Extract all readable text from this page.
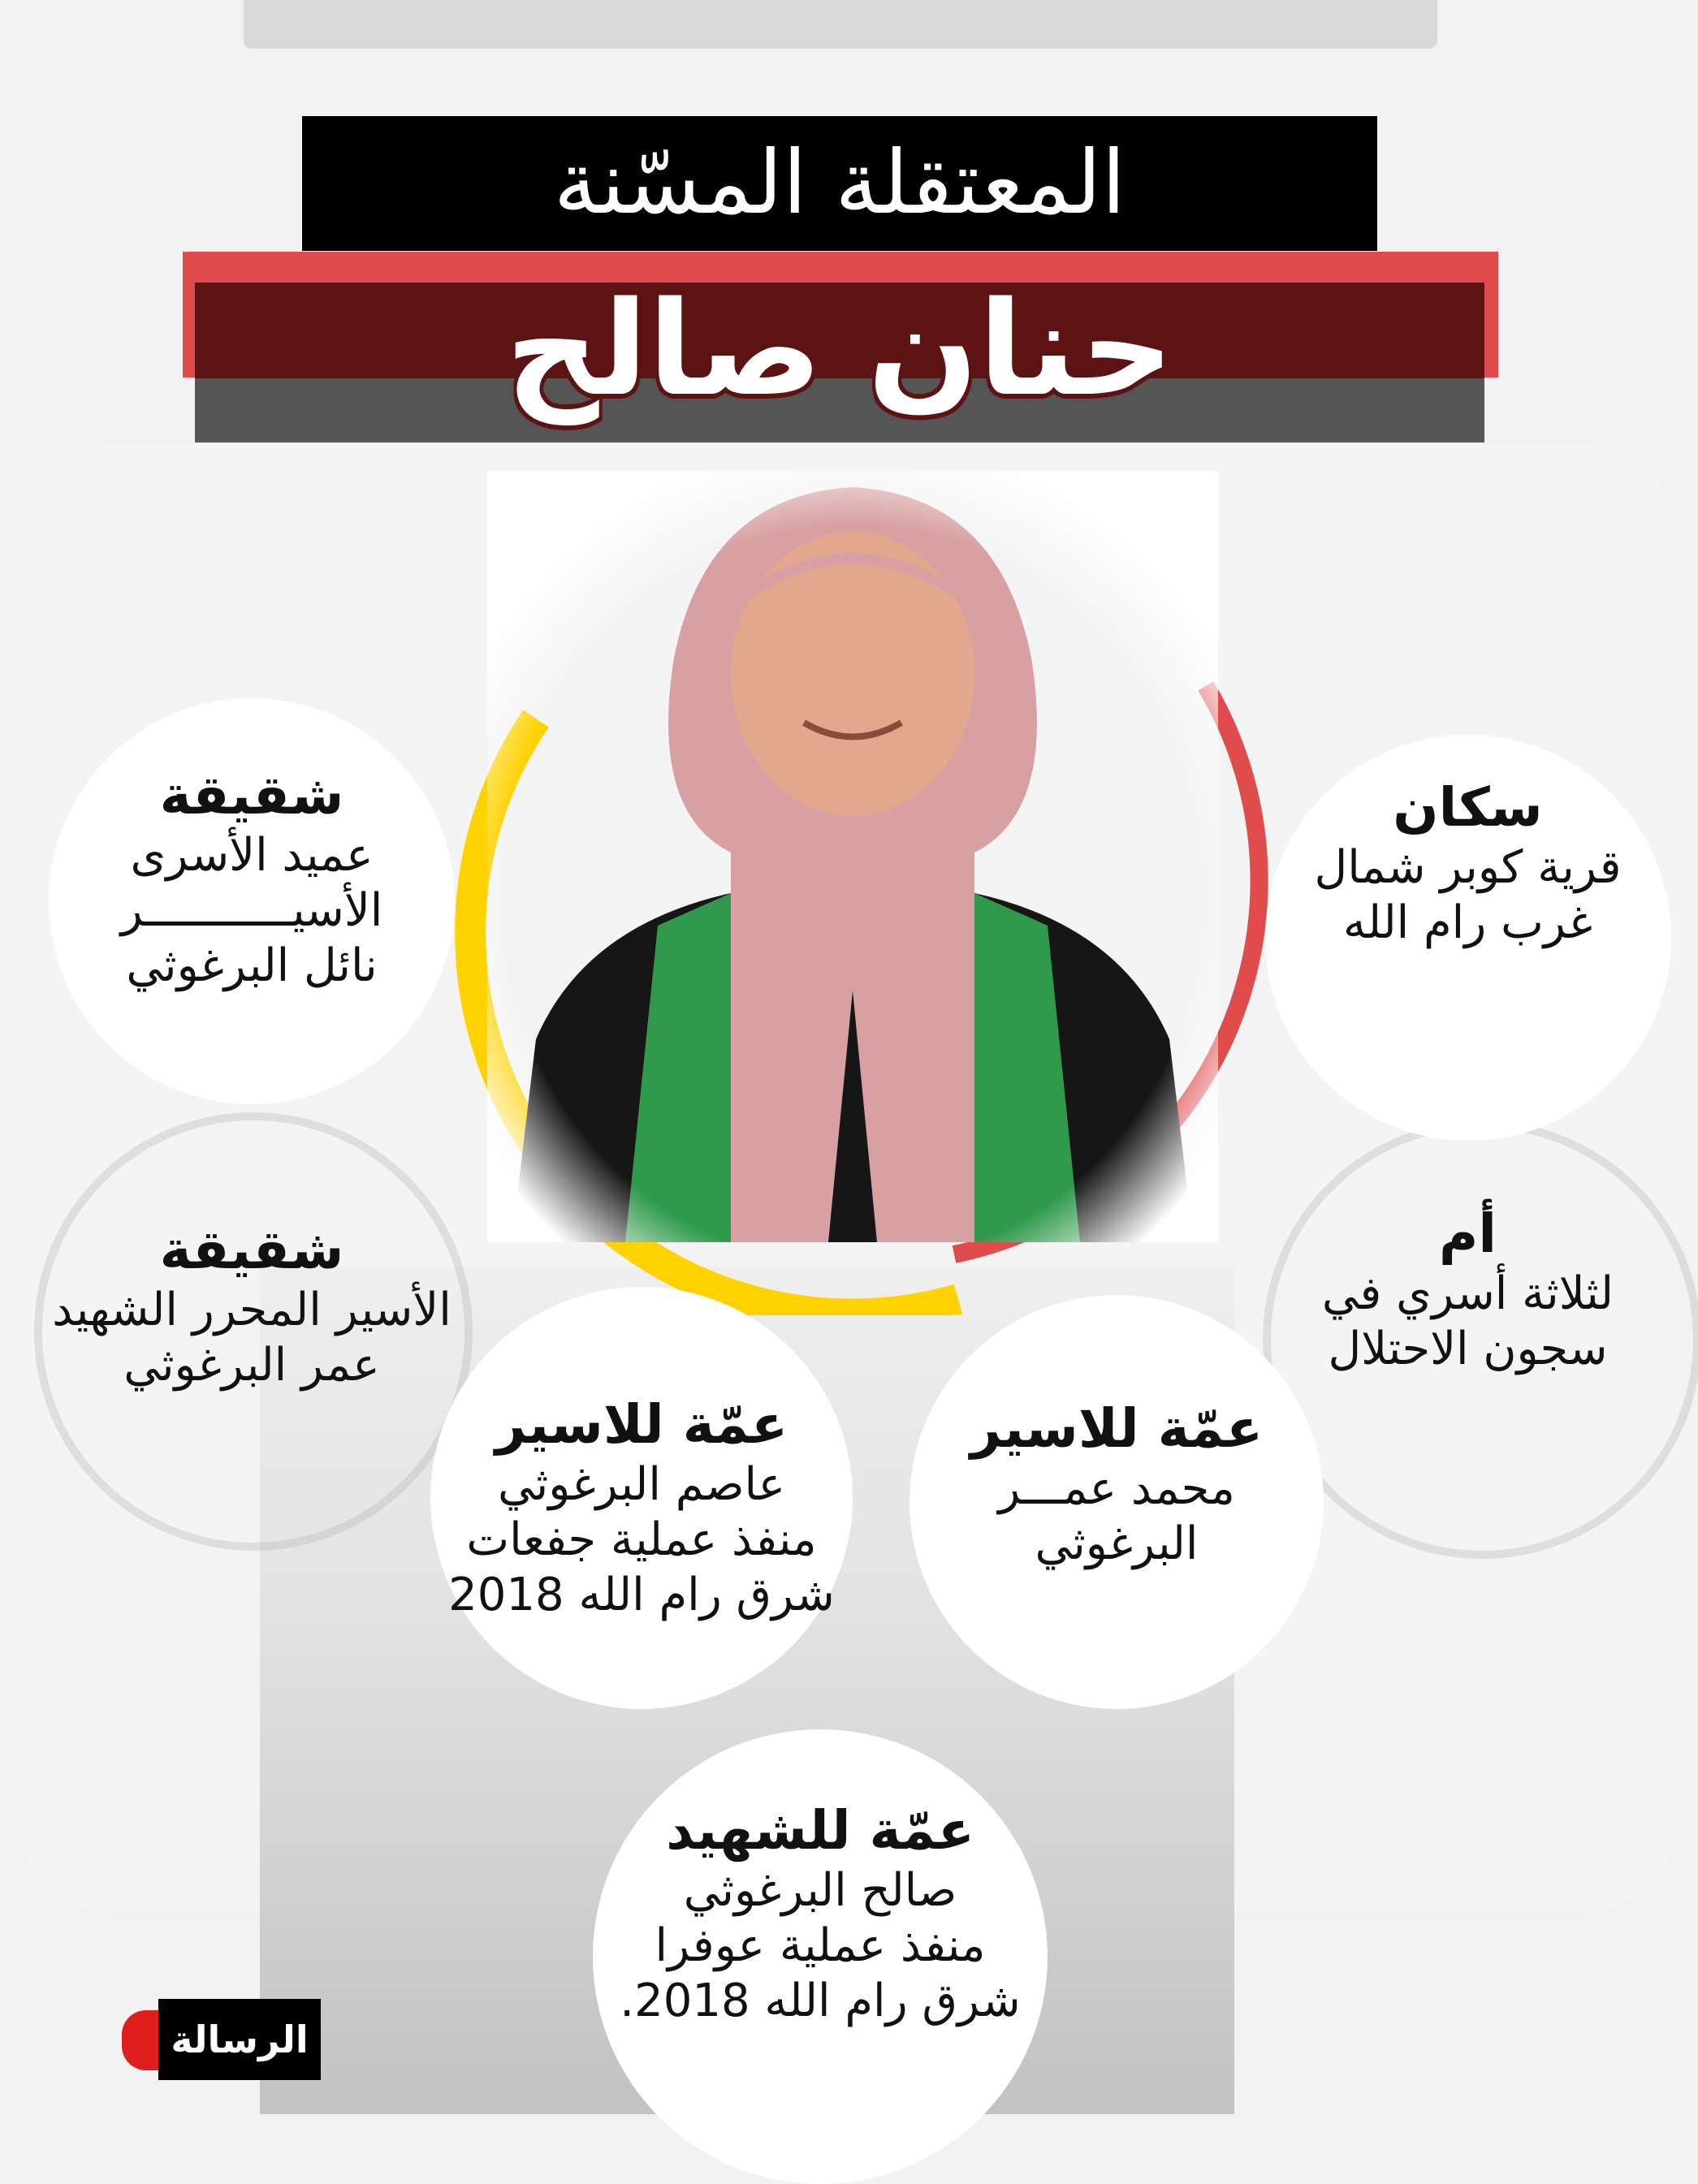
المعتقلة المسّنة
حنان صالح
سكان
قرية كوبر شمال
غرب رام الله
أم
لثلاثة أسري في
سجون الاحتلال
عمّة للاسير
محمد عمـــر
البرغوثي
عمّة للاسير
عاصم البرغوثي
منفذ عملية جفعات
شرق رام الله 2018
شقيقة
عميد الأسرى
الأسيـــــــــــر
نائل البرغوثي
شقيقة
الأسير المحرر الشهيد
عمر البرغوثي
عمّة للشهيد
صالح البرغوثي
منفذ عملية عوفرا
شرق رام الله 2018.
الرسالة
